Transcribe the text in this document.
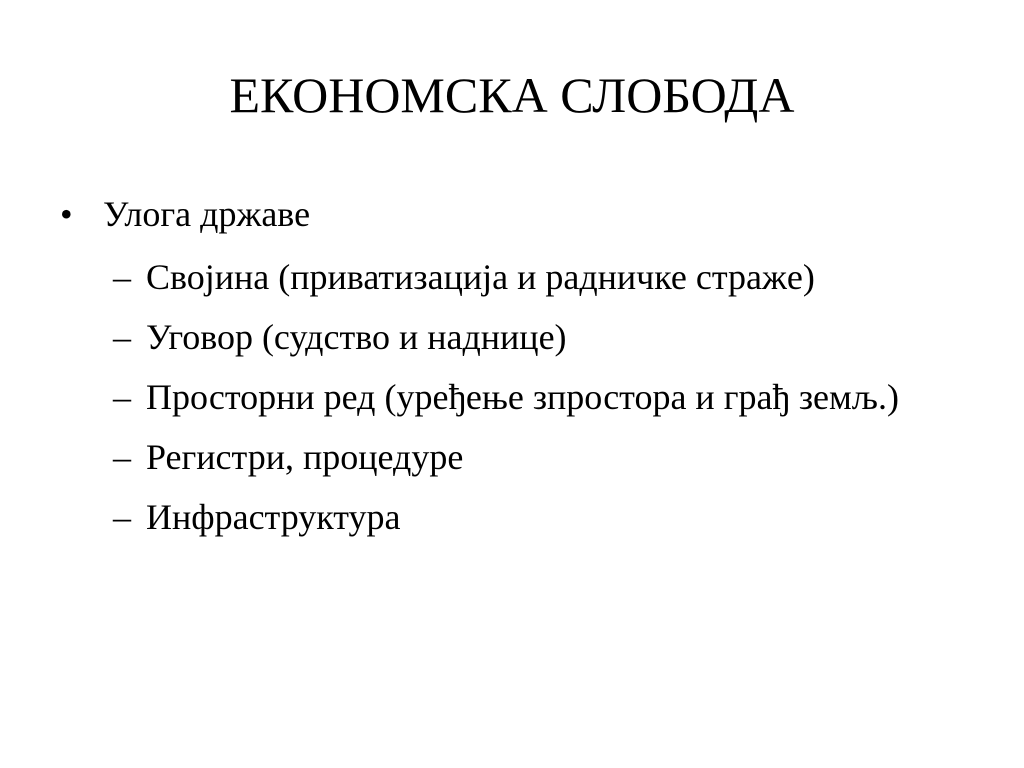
ЕКОНОМСКА СЛОБОДА
• Улога државе
– Својина (приватизација и радничке стражe)
– Уговор (судство и наднице)
– Просторни ред (уређење зпростора и грађ земљ.)
– Регистри, процедуре
– Инфраструктура
